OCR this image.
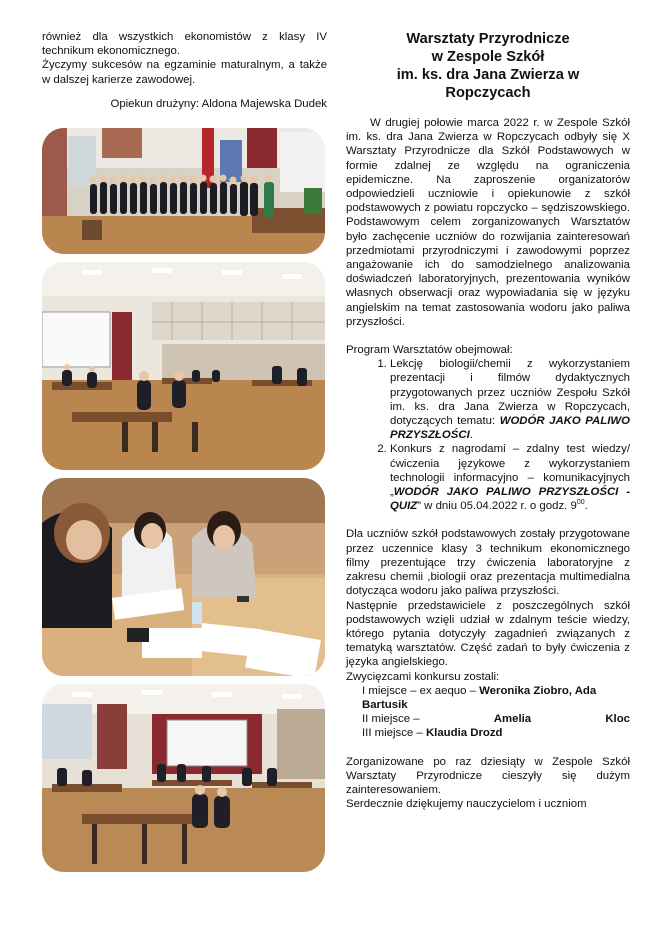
również dla wszystkich ekonomistów z klasy IV technikum ekonomicznego.

Życzymy sukcesów na egzaminie maturalnym, a także w dalszej karierze zawodowej.

Opiekun drużyny: Aldona Majewska Dudek

Warsztaty Przyrodnicze
w Zespole Szkół
im. ks. dra Jana Zwierza w
Ropczycach

W drugiej połowie marca 2022 r. w Zespole Szkół im. ks. dra Jana Zwierza w Ropczycach odbyły się X Warsztaty Przyrodnicze dla Szkół Podstawowych w formie zdalnej ze względu na ograniczenia epidemiczne. Na zaproszenie organizatorów odpowiedzieli uczniowie i opiekunowie z szkół podstawowych z powiatu ropczycko – sędziszowskiego. Podstawowym celem zorganizowanych Warsztatów było zachęcenie uczniów do rozwijania zainteresowań przedmiotami przyrodniczymi i zawodowymi poprzez angażowanie ich do samodzielnego analizowania doświadczeń laboratoryjnych, prezentowania wyników własnych obserwacji oraz wypowiadania się w języku angielskim na temat zastosowania wodoru jako paliwa przyszłości.

Program Warsztatów obejmował:

1. Lekcję biologii/chemii z wykorzystaniem prezentacji i filmów dydaktycznych przygotowanych przez uczniów Zespołu Szkół im. ks. dra Jana Zwierza w Ropczycach, dotyczących tematu: WODÓR JAKO PALIWO PRZYSZŁOŚCI.
2. Konkurs z nagrodami – zdalny test wiedzy/ćwiczenia językowe z wykorzystaniem technologii informacyjno – komunikacyjnych „WODÓR JAKO PALIWO PRZYSZŁOŚCI - QUIZ” w dniu 05.04.2022 r. o godz. $9^{00}$.

Dla uczniów szkół podstawowych zostały przygotowane przez uczennice klasy 3 technikum ekonomicznego filmy prezentujące trzy ćwiczenia laboratoryjne z zakresu chemii ,biologii oraz prezentacja multimedialna dotycząca wodoru jako paliwa przyszłości.

Następnie przedstawiciele z poszczególnych szkół podstawowych wzięli udział w zdalnym teście wiedzy, którego pytania dotyczyły zagadnień związanych z tematyką warsztatów. Część zadań to były ćwiczenia z języka angielskiego.

Zwycięzcami konkursu zostali:

I miejsce – ex aequo – Weronika Ziobro, Ada Bartusik
II miejsce –	Amelia	Kloc
III miejsce – Klaudia Drozd

Zorganizowane po raz dziesiąty w Zespole Szkół Warsztaty Przyrodnicze cieszyły się dużym zainteresowaniem.

Serdecznie dziękujemy nauczycielom i uczniom
